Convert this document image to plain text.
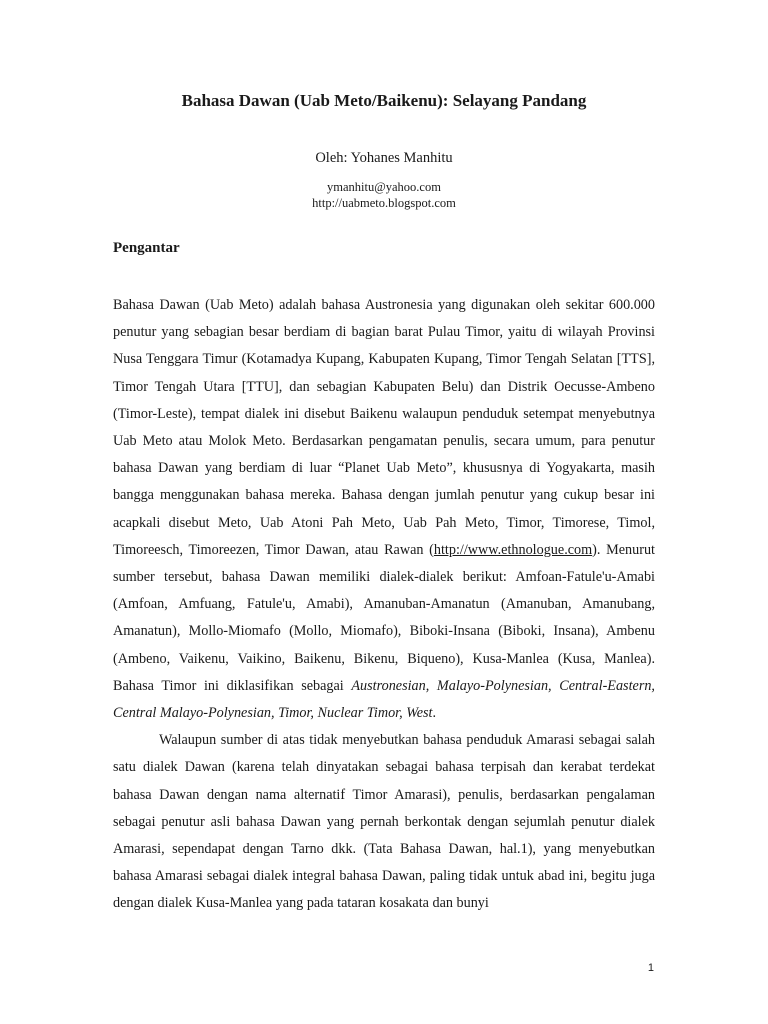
Bahasa Dawan (Uab Meto/Baikenu): Selayang Pandang
Oleh: Yohanes Manhitu
ymanhitu@yahoo.com
http://uabmeto.blogspot.com
Pengantar

Bahasa Dawan (Uab Meto) adalah bahasa Austronesia yang digunakan oleh sekitar 600.000 penutur yang sebagian besar berdiam di bagian barat Pulau Timor, yaitu di wilayah Provinsi Nusa Tenggara Timur (Kotamadya Kupang, Kabupaten Kupang, Timor Tengah Selatan [TTS], Timor Tengah Utara [TTU], dan sebagian Kabupaten Belu) dan Distrik Oecusse-Ambeno (Timor-Leste), tempat dialek ini disebut Baikenu walaupun penduduk setempat menyebutnya Uab Meto atau Molok Meto. Berdasarkan pengamatan penulis, secara umum, para penutur bahasa Dawan yang berdiam di luar “Planet Uab Meto”, khususnya di Yogyakarta, masih bangga menggunakan bahasa mereka. Bahasa dengan jumlah penutur yang cukup besar ini acapkali disebut Meto, Uab Atoni Pah Meto, Uab Pah Meto, Timor, Timorese, Timol, Timoreesch, Timoreezen, Timor Dawan, atau Rawan (http://www.ethnologue.com). Menurut sumber tersebut, bahasa Dawan memiliki dialek-dialek berikut: Amfoan-Fatule'u-Amabi (Amfoan, Amfuang, Fatule'u, Amabi), Amanuban-Amanatun (Amanuban, Amanubang, Amanatun), Mollo-Miomafo (Mollo, Miomafo), Biboki-Insana (Biboki, Insana), Ambenu (Ambeno, Vaikenu, Vaikino, Baikenu, Bikenu, Biqueno), Kusa-Manlea (Kusa, Manlea). Bahasa Timor ini diklasifikan sebagai Austronesian, Malayo-Polynesian, Central-Eastern, Central Malayo-Polynesian, Timor, Nuclear Timor, West.

Walaupun sumber di atas tidak menyebutkan bahasa penduduk Amarasi sebagai salah satu dialek Dawan (karena telah dinyatakan sebagai bahasa terpisah dan kerabat terdekat bahasa Dawan dengan nama alternatif Timor Amarasi), penulis, berdasarkan pengalaman sebagai penutur asli bahasa Dawan yang pernah berkontak dengan sejumlah penutur dialek Amarasi, sependapat dengan Tarno dkk. (Tata Bahasa Dawan, hal.1), yang menyebutkan bahasa Amarasi sebagai dialek integral bahasa Dawan, paling tidak untuk abad ini, begitu juga dengan dialek Kusa-Manlea yang pada tataran kosakata dan bunyi

1
